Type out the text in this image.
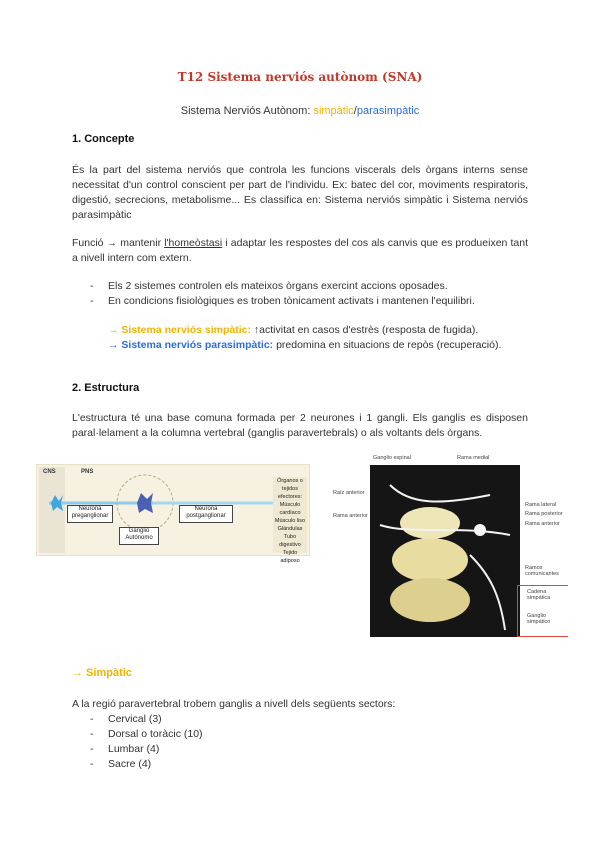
T12 Sistema nerviós autònom (SNA)
Sistema Nerviós Autònom: simpàtic/parasimpàtic
1. Concepte

És la part del sistema nerviós que controla les funcions viscerals dels òrgans interns sense necessitat d'un control conscient per part de l'individu. Ex: batec del cor, moviments respiratoris, digestió, secrecions, metabolisme... Es classifica en: Sistema nerviós simpàtic i Sistema nerviós parasimpàtic

Funció → mantenir l'homeòstasi i adaptar les respostes del cos als canvis que es produeixen tant a nivell intern com extern.

- Els 2 sistemes controlen els mateixos òrgans exercint accions oposades.
- En condicions fisiològiques es troben tònicament activats i mantenen l'equilibri.
→ Sistema nerviós simpàtic: ↑activitat en casos d'estrès (resposta de fugida).
→ Sistema nerviós parasimpàtic: predomina en situacions de repòs (recuperació).
2. Estructura

L'estructura té una base comuna formada per 2 neurones i 1 gangli. Els ganglis es disposen paral·lelament a la columna vertebral (ganglis paravertebrals) o als voltants dels òrgans.

CNS	PNS
Neurona preganglionar
Ganglio Autónomo
Neurona postganglionar
Órganos o tejidos efectores:
Músculo cardíaco
Músculo liso
Glándulas
Tubo digestivo
Tejido adiposo
Ganglio espinal	Rama medial
Rama lateral
Rama posterior
Rama anterior
Raíz anterior
Rama anterior
Ramos comunicantes
Cadena simpática
Ganglio simpático
→ Simpàtic
A la regió paravertebral trobem ganglis a nivell dels següents sectors:
- Cervical (3)
- Dorsal o toràcic (10)
- Lumbar (4)
- Sacre (4)
